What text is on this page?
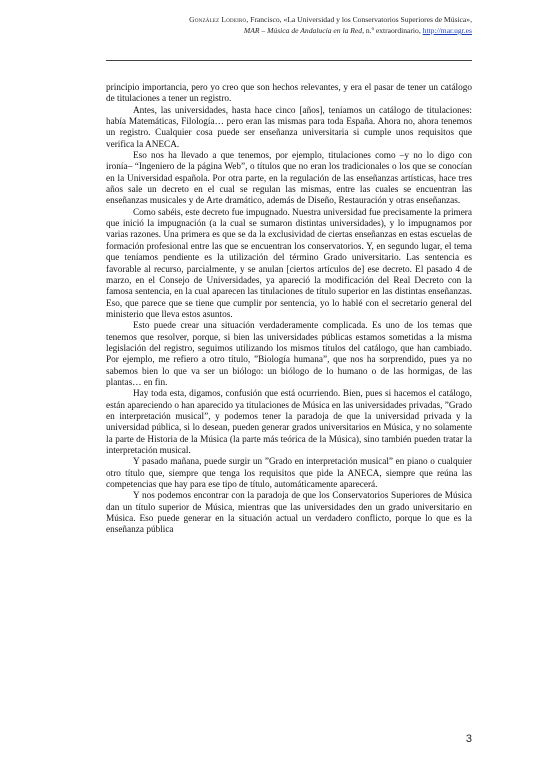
González Lodeiro, Francisco, «La Universidad y los Conservatorios Superiores de Música»,
MAR – Música de Andalucía en la Red, n.º extraordinario, http://mar.ugr.es

principio importancia, pero yo creo que son hechos relevantes, y era el pasar de tener un catálogo de titulaciones a tener un registro.

Antes, las universidades, hasta hace cinco [años], teníamos un catálogo de titulaciones: había Matemáticas, Filología… pero eran las mismas para toda España. Ahora no, ahora tenemos un registro. Cualquier cosa puede ser enseñanza universitaria si cumple unos requisitos que verifica la ANECA.

Eso nos ha llevado a que tenemos, por ejemplo, titulaciones como –y no lo digo con ironía– “Ingeniero de la página Web”, o títulos que no eran los tradicionales o los que se conocían en la Universidad española. Por otra parte, en la regulación de las enseñanzas artísticas, hace tres años sale un decreto en el cual se regulan las mismas, entre las cuales se encuentran las enseñanzas musicales y de Arte dramático, además de Diseño, Restauración y otras enseñanzas.

Como sabéis, este decreto fue impugnado. Nuestra universidad fue precisamente la primera que inició la impugnación (a la cual se sumaron distintas universidades), y lo impugnamos por varias razones. Una primera es que se da la exclusividad de ciertas enseñanzas en estas escuelas de formación profesional entre las que se encuentran los conservatorios. Y, en segundo lugar, el tema que teníamos pendiente es la utilización del término Grado universitario. Las sentencia es favorable al recurso, parcialmente, y se anulan [ciertos artículos de] ese decreto. El pasado 4 de marzo, en el Consejo de Universidades, ya apareció la modificación del Real Decreto con la famosa sentencia, en la cual aparecen las titulaciones de título superior en las distintas enseñanzas. Eso, que parece que se tiene que cumplir por sentencia, yo lo hablé con el secretario general del ministerio que lleva estos asuntos.

Esto puede crear una situación verdaderamente complicada. Es uno de los temas que tenemos que resolver, porque, si bien las universidades públicas estamos sometidas a la misma legislación del registro, seguimos utilizando los mismos títulos del catálogo, que han cambiado. Por ejemplo, me refiero a otro título, ”Biología humana”, que nos ha sorprendido, pues ya no sabemos bien lo que va ser un biólogo: un biólogo de lo humano o de las hormigas, de las plantas… en fin.

Hay toda esta, digamos, confusión que está ocurriendo. Bien, pues si hacemos el catálogo, están apareciendo o han aparecido ya titulaciones de Música en las universidades privadas, ”Grado en interpretación musical”, y podemos tener la paradoja de que la universidad privada y la universidad pública, si lo desean, pueden generar grados universitarios en Música, y no solamente la parte de Historia de la Música (la parte más teórica de la Música), sino también pueden tratar la interpretación musical.

Y pasado mañana, puede surgir un ”Grado en interpretación musical” en piano o cualquier otro título que, siempre que tenga los requisitos que pide la ANECA, siempre que reúna las competencias que hay para ese tipo de título, automáticamente aparecerá.

Y nos podemos encontrar con la paradoja de que los Conservatorios Superiores de Música dan un título superior de Música, mientras que las universidades den un grado universitario en Música. Eso puede generar en la situación actual un verdadero conflicto, porque lo que es la enseñanza pública

3
